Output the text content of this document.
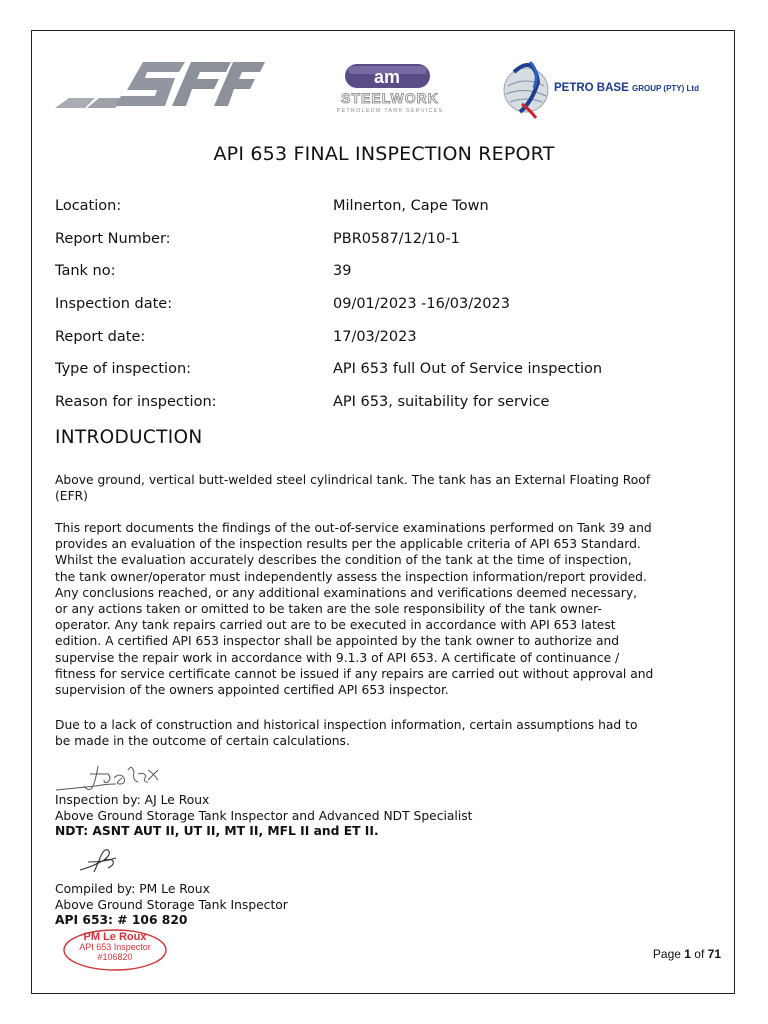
am
STEELWORK
PETROLEUM TANK SERVICES
PETRO BASE GROUP (PTY) Ltd
API 653 FINAL INSPECTION REPORT
Location:	Milnerton, Cape Town
Report Number:	PBR0587/12/10-1
Tank no:	39
Inspection date:	09/01/2023 -16/03/2023
Report date:	17/03/2023
Type of inspection:	API 653 full Out of Service inspection
Reason for inspection:	API 653, suitability for service
INTRODUCTION
Above ground, vertical butt-welded steel cylindrical tank. The tank has an External Floating Roof
(EFR)
This report documents the findings of the out-of-service examinations performed on Tank 39 and
provides an evaluation of the inspection results per the applicable criteria of API 653 Standard.
Whilst the evaluation accurately describes the condition of the tank at the time of inspection,
the tank owner/operator must independently assess the inspection information/report provided.
Any conclusions reached, or any additional examinations and verifications deemed necessary,
or any actions taken or omitted to be taken are the sole responsibility of the tank owner-
operator. Any tank repairs carried out are to be executed in accordance with API 653 latest
edition. A certified API 653 inspector shall be appointed by the tank owner to authorize and
supervise the repair work in accordance with 9.1.3 of API 653. A certificate of continuance /
fitness for service certificate cannot be issued if any repairs are carried out without approval and
supervision of the owners appointed certified API 653 inspector.
Due to a lack of construction and historical inspection information, certain assumptions had to
be made in the outcome of certain calculations.
Inspection by: AJ Le Roux
Above Ground Storage Tank Inspector and Advanced NDT Specialist
NDT: ASNT AUT II, UT II, MT II, MFL II and ET II.
Compiled by: PM Le Roux
Above Ground Storage Tank Inspector
API 653: # 106 820
PM Le Roux
API 653 Inspector
#106820	Page 1 of 71
